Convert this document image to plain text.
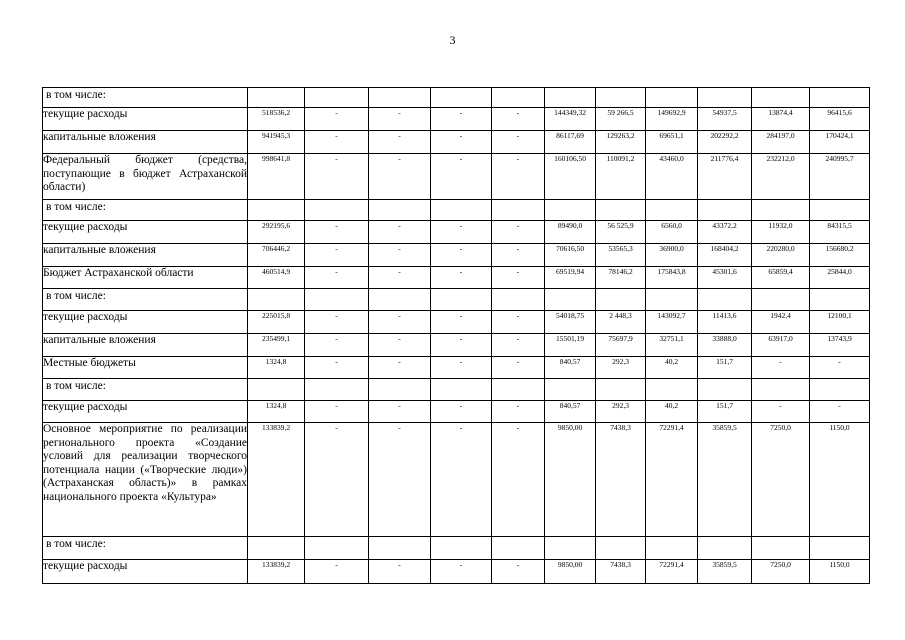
3
в том числе:											
текущие расходы	518536,2	-	-	-	-	144349,32	59 266,5	149692,9	54937,5	13874,4	96415,6
капитальные вложения	941945,3	-	-	-	-	86117,69	129263,2	69651,1	202292,2	284197,0	170424,1
Федеральный бюджет (средства, поступающие в бюджет Астраханской области)	998641,8	-	-	-	-	160106,50	110091,2	43460,0	211776,4	232212,0	240995,7
в том числе:											
текущие расходы	292195,6	-	-	-	-	89490,0	56 525,9	6560,0	43372,2	11932,0	84315,5
капитальные вложения	706446,2	-	-	-	-	70616,50	53565,3	36900,0	168404,2	220280,0	156680,2
Бюджет Астраханской области	460514,9	-	-	-	-	69519,94	78146,2	175843,8	45301,6	65859,4	25844,0
в том числе:											
текущие расходы	225015,8	-	-	-	-	54018,75	2 448,3	143092,7	11413,6	1942,4	12100,1
капитальные вложения	235499,1	-	-	-	-	15501,19	75697,9	32751,1	33888,0	63917,0	13743,9
Местные бюджеты	1324,8	-	-	-	-	840,57	292,3	40,2	151,7	-	-
в том числе:											
текущие расходы	1324,8	-	-	-	-	840,57	292,3	40,2	151,7	-	-
Основное мероприятие по реализации регионального проекта «Создание условий для реализации творческого потенциала нации («Творческие люди») (Астраханская область)» в рамках национального проекта «Культура»	133839,2	-	-	-	-	9850,00	7438,3	72291,4	35859,5	7250,0	1150,0
в том числе:											
текущие расходы	133839,2	-	-	-	-	9850,00	7438,3	72291,4	35859,5	7250,0	1150,0
